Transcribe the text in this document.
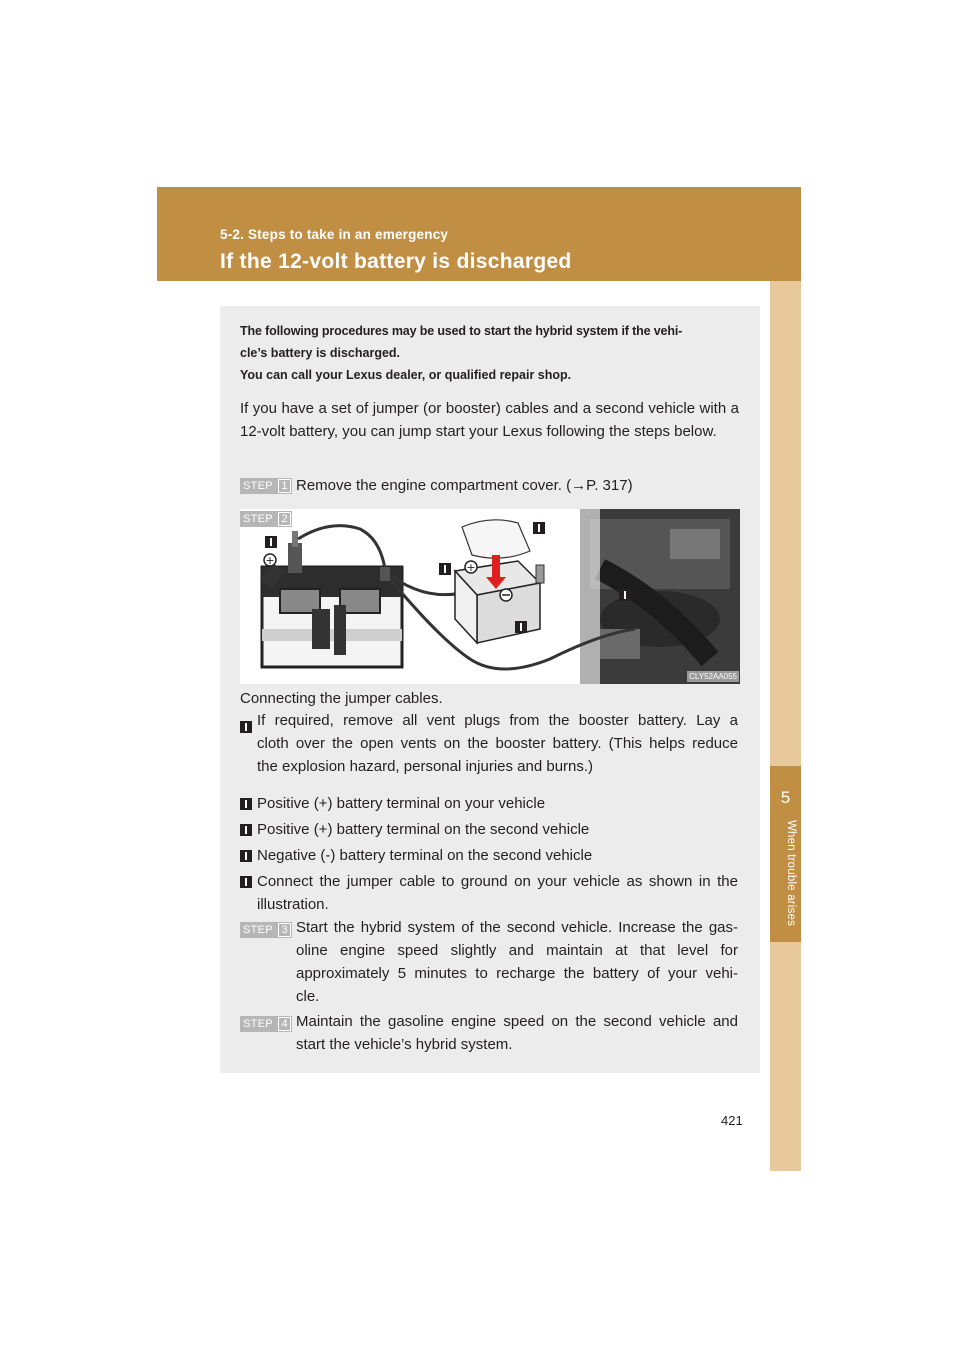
5-2. Steps to take in an emergency
If the 12-volt battery is discharged
5
When trouble arises
The following procedures may be used to start the hybrid system if the vehi-
cle’s battery is discharged.
You can call your Lexus dealer, or qualified repair shop.
If you have a set of jumper (or booster) cables and a second vehicle with a 12-volt battery, you can jump start your Lexus following the steps below.
STEP 1 Remove the engine compartment cover. (→P. 317)
STEP 2
+
+
CLY52AA055
Connecting the jumper cables.
If required, remove all vent plugs from the booster battery. Lay a
cloth over the open vents on the booster battery. (This helps reduce
the explosion hazard, personal injuries and burns.)
Positive (+) battery terminal on your vehicle
Positive (+) battery terminal on the second vehicle
Negative (-) battery terminal on the second vehicle
Connect the jumper cable to ground on your vehicle as shown in the
illustration.
STEP 3 Start the hybrid system of the second vehicle. Increase the gas-
oline engine speed slightly and maintain at that level for
approximately 5 minutes to recharge the battery of your vehi-
cle.
STEP 4 Maintain the gasoline engine speed on the second vehicle and
start the vehicle’s hybrid system.
421
